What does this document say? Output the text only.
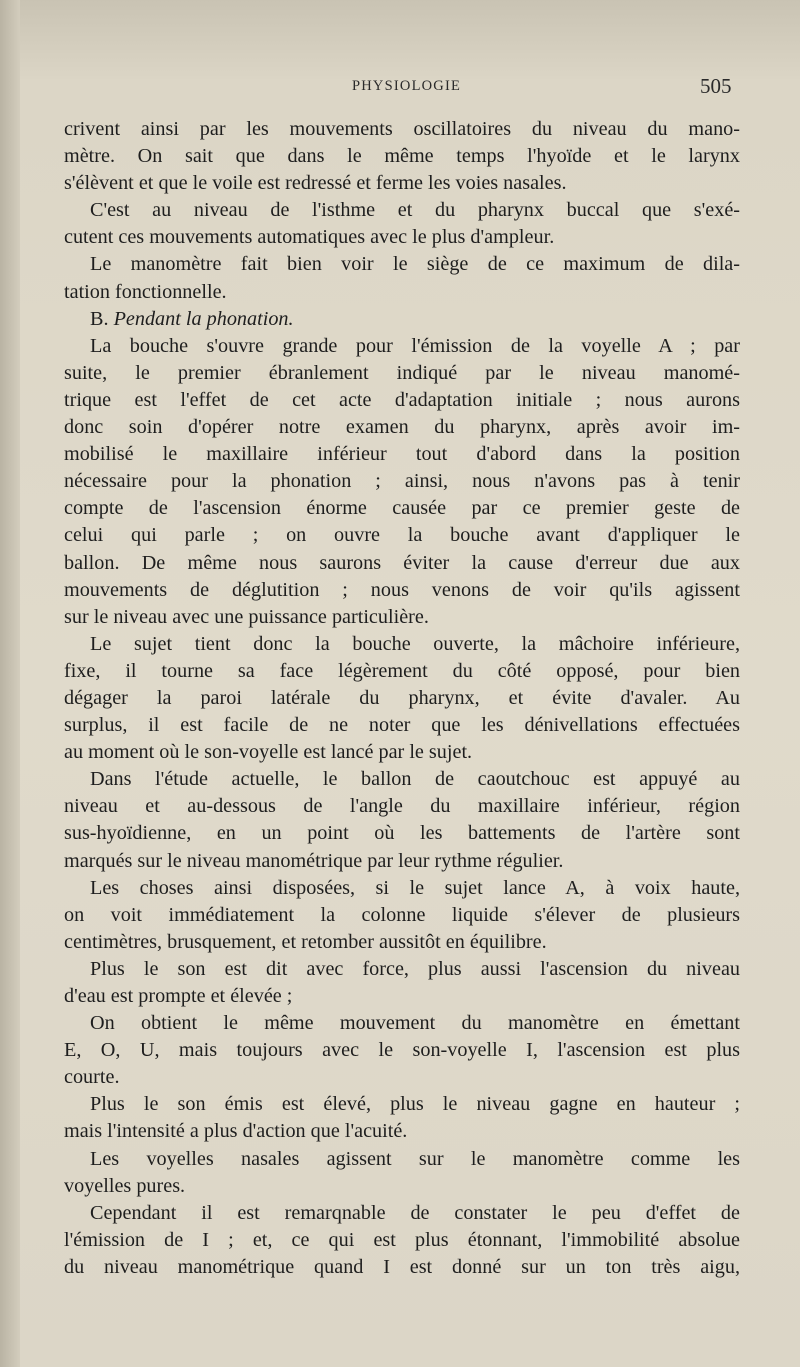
PHYSIOLOGIE	505
crivent ainsi par les mouvements oscillatoires du niveau du mano-
mètre. On sait que dans le même temps l'hyoïde et le larynx
s'élèvent et que le voile est redressé et ferme les voies nasales.
C'est au niveau de l'isthme et du pharynx buccal que s'exé-
cutent ces mouvements automatiques avec le plus d'ampleur.
Le manomètre fait bien voir le siège de ce maximum de dila-
tation fonctionnelle.
B. Pendant la phonation.
La bouche s'ouvre grande pour l'émission de la voyelle A ; par
suite, le premier ébranlement indiqué par le niveau manomé-
trique est l'effet de cet acte d'adaptation initiale ; nous aurons
donc soin d'opérer notre examen du pharynx, après avoir im-
mobilisé le maxillaire inférieur tout d'abord dans la position
nécessaire pour la phonation ; ainsi, nous n'avons pas à tenir
compte de l'ascension énorme causée par ce premier geste de
celui qui parle ; on ouvre la bouche avant d'appliquer le
ballon. De même nous saurons éviter la cause d'erreur due aux
mouvements de déglutition ; nous venons de voir qu'ils agissent
sur le niveau avec une puissance particulière.
Le sujet tient donc la bouche ouverte, la mâchoire inférieure,
fixe, il tourne sa face légèrement du côté opposé, pour bien
dégager la paroi latérale du pharynx, et évite d'avaler. Au
surplus, il est facile de ne noter que les dénivellations effectuées
au moment où le son-voyelle est lancé par le sujet.
Dans l'étude actuelle, le ballon de caoutchouc est appuyé au
niveau et au-dessous de l'angle du maxillaire inférieur, région
sus-hyoïdienne, en un point où les battements de l'artère sont
marqués sur le niveau manométrique par leur rythme régulier.
Les choses ainsi disposées, si le sujet lance A, à voix haute,
on voit immédiatement la colonne liquide s'élever de plusieurs
centimètres, brusquement, et retomber aussitôt en équilibre.
Plus le son est dit avec force, plus aussi l'ascension du niveau
d'eau est prompte et élevée ;
On obtient le même mouvement du manomètre en émettant
E, O, U, mais toujours avec le son-voyelle I, l'ascension est plus
courte.
Plus le son émis est élevé, plus le niveau gagne en hauteur ;
mais l'intensité a plus d'action que l'acuité.
Les voyelles nasales agissent sur le manomètre comme les
voyelles pures.
Cependant il est remarqnable de constater le peu d'effet de
l'émission de I ; et, ce qui est plus étonnant, l'immobilité absolue
du niveau manométrique quand I est donné sur un ton très aigu,
